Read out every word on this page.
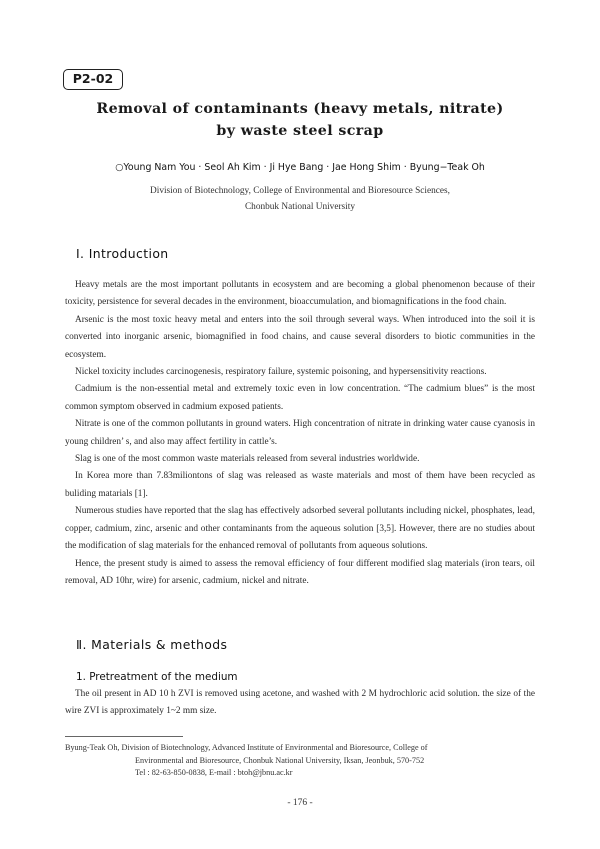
P2-02
Removal of contaminants (heavy metals, nitrate)
by waste steel scrap
○Young Nam You · Seol Ah Kim · Ji Hye Bang · Jae Hong Shim · Byung−Teak Oh
Division of Biotechnology, College of Environmental and Bioresource Sciences,
Chonbuk National University
Ⅰ. Introduction

Heavy metals are the most important pollutants in ecosystem and are becoming a global phenomenon because of their toxicity, persistence for several decades in the environment, bioaccumulation, and biomagnifications in the food chain.

Arsenic is the most toxic heavy metal and enters into the soil through several ways. When introduced into the soil it is converted into inorganic arsenic, biomagnified in food chains, and cause several disorders to biotic communities in the ecosystem.

Nickel toxicity includes carcinogenesis, respiratory failure, systemic poisoning, and hypersensitivity reactions.

Cadmium is the non-essential metal and extremely toxic even in low concentration. “The cadmium blues” is the most common symptom observed in cadmium exposed patients.

Nitrate is one of the common pollutants in ground waters. High concentration of nitrate in drinking water cause cyanosis in young children’ s, and also may affect fertility in cattle’s.

Slag is one of the most common waste materials released from several industries worldwide.

In Korea more than 7.83miliontons of slag was released as waste materials and most of them have been recycled as buliding matarials [1].

Numerous studies have reported that the slag has effectively adsorbed several pollutants including nickel, phosphates, lead, copper, cadmium, zinc, arsenic and other contaminants from the aqueous solution [3,5]. However, there are no studies about the modification of slag materials for the enhanced removal of pollutants from aqueous solutions.

Hence, the present study is aimed to assess the removal efficiency of four different modified slag materials (iron tears, oil removal, AD 10hr, wire) for arsenic, cadmium, nickel and nitrate.

Ⅱ. Materials & methods
1. Pretreatment of the medium

The oil present in AD 10 h ZVI is removed using acetone, and washed with 2 M hydrochloric acid solution. the size of the wire ZVI is approximately 1~2 mm size.

Byung-Teak Oh, Division of Biotechnology, Advanced Institute of Environmental and Bioresource, College of
Environmental and Bioresource, Chonbuk National University, Iksan, Jeonbuk, 570-752
Tel : 82-63-850-0838, E-mail : btoh@jbnu.ac.kr
- 176 -
